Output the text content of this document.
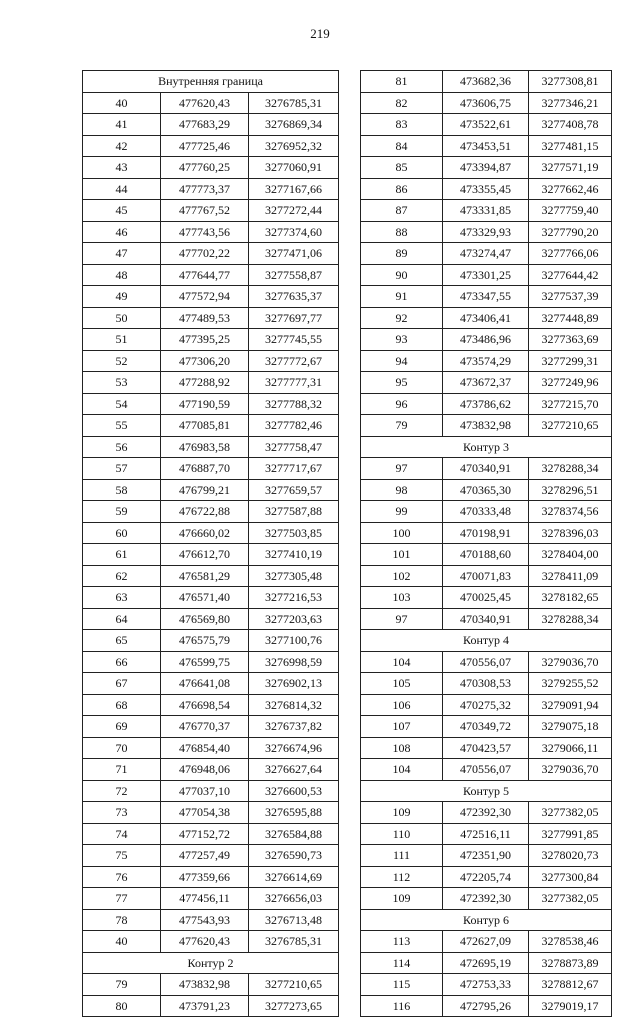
219
Внутренняя граница		
40	477620,43	3276785,31
41	477683,29	3276869,34
42	477725,46	3276952,32
43	477760,25	3277060,91
44	477773,37	3277167,66
45	477767,52	3277272,44
46	477743,56	3277374,60
47	477702,22	3277471,06
48	477644,77	3277558,87
49	477572,94	3277635,37
50	477489,53	3277697,77
51	477395,25	3277745,55
52	477306,20	3277772,67
53	477288,92	3277777,31
54	477190,59	3277788,32
55	477085,81	3277782,46
56	476983,58	3277758,47
57	476887,70	3277717,67
58	476799,21	3277659,57
59	476722,88	3277587,88
60	476660,02	3277503,85
61	476612,70	3277410,19
62	476581,29	3277305,48
63	476571,40	3277216,53
64	476569,80	3277203,63
65	476575,79	3277100,76
66	476599,75	3276998,59
67	476641,08	3276902,13
68	476698,54	3276814,32
69	476770,37	3276737,82
70	476854,40	3276674,96
71	476948,06	3276627,64
72	477037,10	3276600,53
73	477054,38	3276595,88
74	477152,72	3276584,88
75	477257,49	3276590,73
76	477359,66	3276614,69
77	477456,11	3276656,03
78	477543,93	3276713,48
40	477620,43	3276785,31
Контур 2		
79	473832,98	3277210,65
80	473791,23	3277273,65
81	473682,36	3277308,81
82	473606,75	3277346,21
83	473522,61	3277408,78
84	473453,51	3277481,15
85	473394,87	3277571,19
86	473355,45	3277662,46
87	473331,85	3277759,40
88	473329,93	3277790,20
89	473274,47	3277766,06
90	473301,25	3277644,42
91	473347,55	3277537,39
92	473406,41	3277448,89
93	473486,96	3277363,69
94	473574,29	3277299,31
95	473672,37	3277249,96
96	473786,62	3277215,70
79	473832,98	3277210,65
Контур 3		
97	470340,91	3278288,34
98	470365,30	3278296,51
99	470333,48	3278374,56
100	470198,91	3278396,03
101	470188,60	3278404,00
102	470071,83	3278411,09
103	470025,45	3278182,65
97	470340,91	3278288,34
Контур 4		
104	470556,07	3279036,70
105	470308,53	3279255,52
106	470275,32	3279091,94
107	470349,72	3279075,18
108	470423,57	3279066,11
104	470556,07	3279036,70
Контур 5		
109	472392,30	3277382,05
110	472516,11	3277991,85
111	472351,90	3278020,73
112	472205,74	3277300,84
109	472392,30	3277382,05
Контур 6		
113	472627,09	3278538,46
114	472695,19	3278873,89
115	472753,33	3278812,67
116	472795,26	3279019,17
